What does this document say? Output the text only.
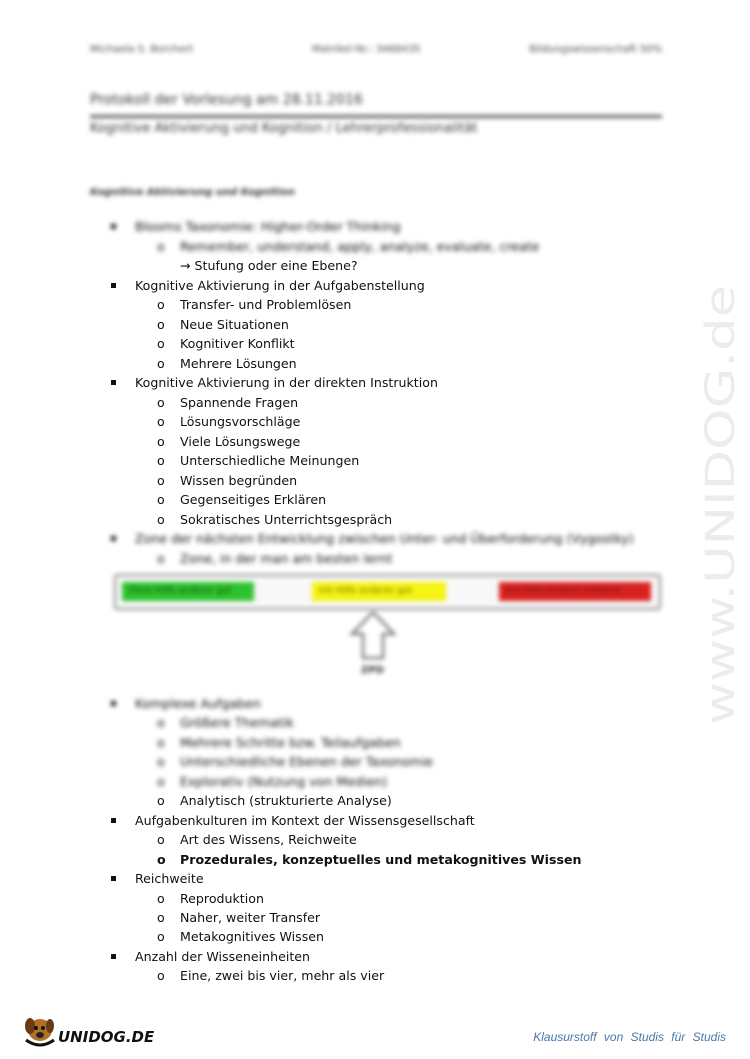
Michaela S. Borchert	Matrikel-Nr.: 3468435	Bildungswissenschaft 50%
Protokoll der Vorlesung am 28.11.2016
Kognitive Aktivierung und Kognition / Lehrerprofessionalität
Kognitive Aktivierung und Kognition
Blooms Taxonomie: Higher-Order Thinking
o Remember, understand, apply, analyze, evaluate, create
→ Stufung oder eine Ebene?
Kognitive Aktivierung in der Aufgabenstellung
o Transfer- und Problemlösen
o Neue Situationen
o Kognitiver Konflikt
o Mehrere Lösungen
Kognitive Aktivierung in der direkten Instruktion
o Spannende Fragen
o Lösungsvorschläge
o Viele Lösungswege
o Unterschiedliche Meinungen
o Wissen begründen
o Gegenseitiges Erklären
o Sokratisches Unterrichtsgespräch
Zone der nächsten Entwicklung zwischen Unter- und Überforderung (Vygostky)
o Zone, in der man am besten lernt
Ohne Hilfe anderer gut	mit Hilfe anderer gut	mit Hilfe anderer schlecht
ZPD
Komplexe Aufgaben
o Größere Thematik
o Mehrere Schritte bzw. Teilaufgaben
o Unterschiedliche Ebenen der Taxonomie
o Explorativ (Nutzung von Medien)
o Analytisch (strukturierte Analyse)
Aufgabenkulturen im Kontext der Wissensgesellschaft
o Art des Wissens, Reichweite
o Prozedurales, konzeptuelles und metakognitives Wissen
Reichweite
o Reproduktion
o Naher, weiter Transfer
o Metakognitives Wissen
Anzahl der Wisseneinheiten
o Eine, zwei bis vier, mehr als vier
www.UNIDOG.de
UNIDOG.DE	Klausurstoff von Studis für Studis
